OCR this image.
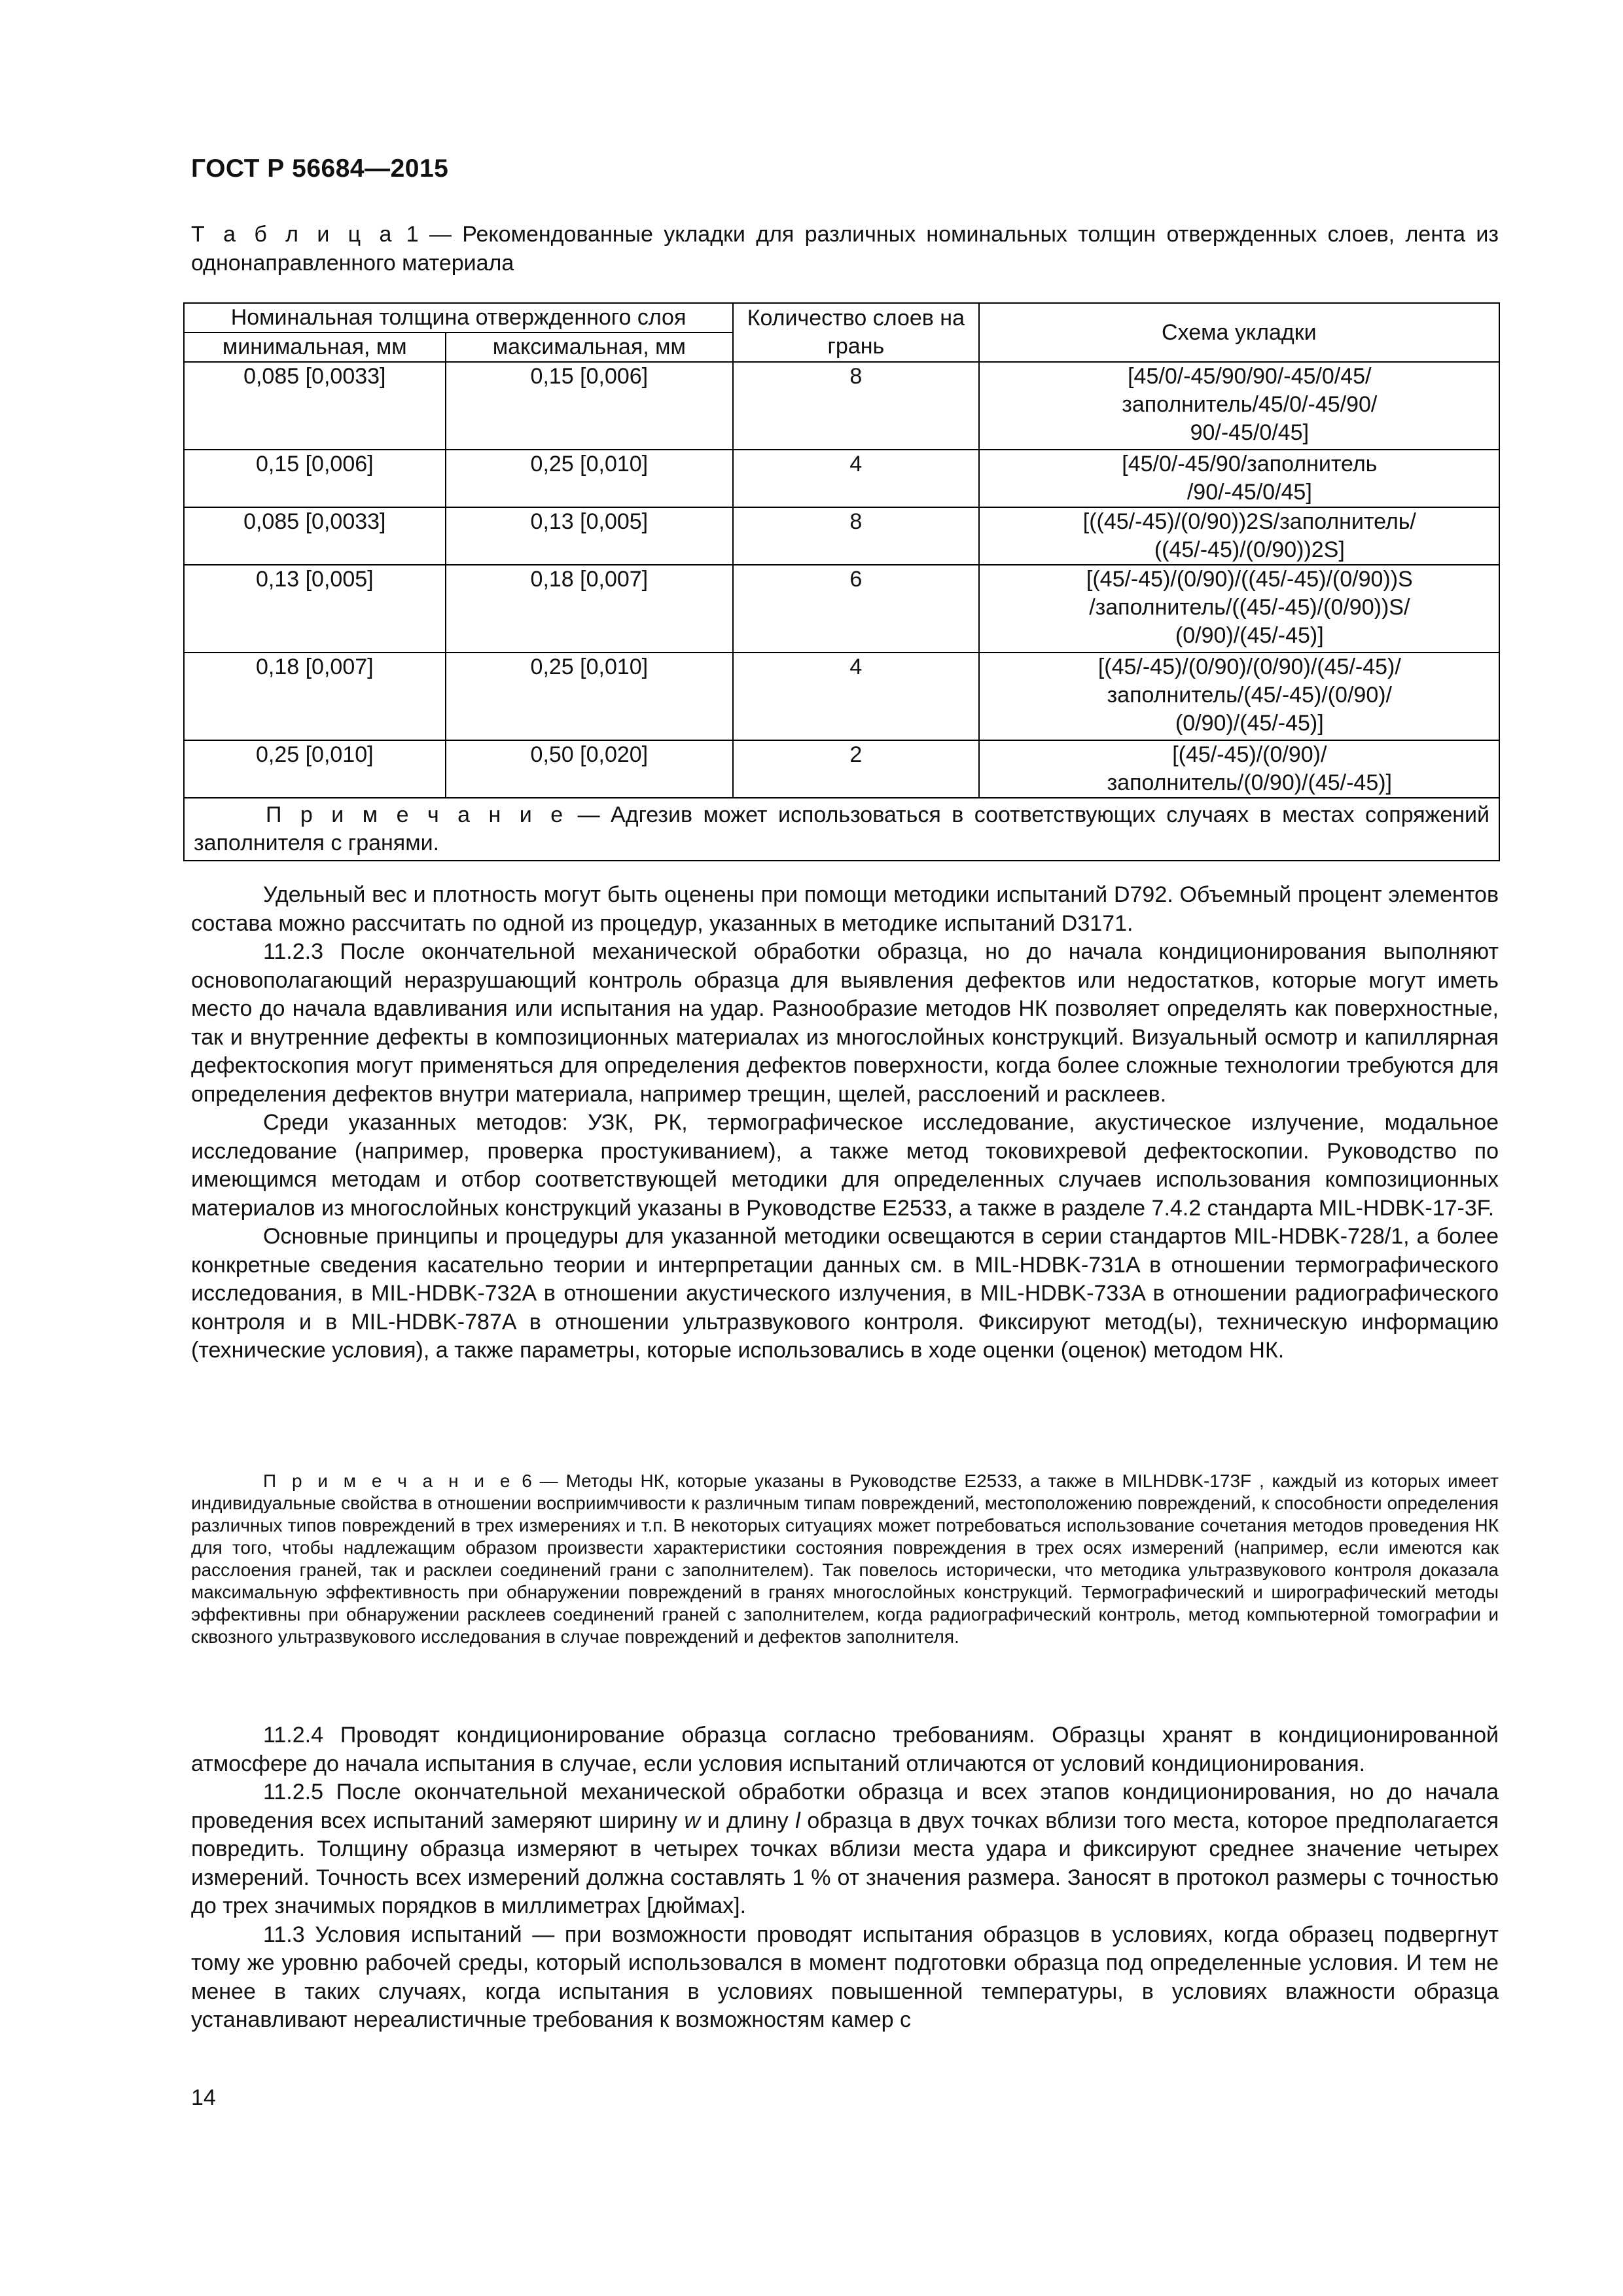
ГОСТ Р 56684—2015
Т а б л и ц а 1 — Рекомендованные укладки для различных номинальных толщин отвержденных слоев, лента из однонаправленного материала
Номинальная толщина отвержденного слоя		Количество слоев на грань	Схема укладки
минимальная, мм	максимальная, мм		
0,085 [0,0033]	0,15 [0,006]	8	[45/0/-45/90/90/-45/0/45/
заполнитель/45/0/-45/90/
90/-45/0/45]

0,15 [0,006]	0,25 [0,010]	4	[45/0/-45/90/заполнитель
/90/-45/0/45]

0,085 [0,0033]	0,13 [0,005]	8	[((45/-45)/(0/90))2S/заполнитель/
((45/-45)/(0/90))2S]

0,13 [0,005]	0,18 [0,007]	6	[(45/-45)/(0/90)/((45/-45)/(0/90))S
/заполнитель/((45/-45)/(0/90))S/
(0/90)/(45/-45)]

0,18 [0,007]	0,25 [0,010]	4	[(45/-45)/(0/90)/(0/90)/(45/-45)/
заполнитель/(45/-45)/(0/90)/
(0/90)/(45/-45)]

0,25 [0,010]	0,50 [0,020]	2	[(45/-45)/(0/90)/
заполнитель/(0/90)/(45/-45)]

П р и м е ч а н и е — Адгезив может использоваться в соответствующих случаях в местах сопряжений заполнителя с гранями.			

Удельный вес и плотность могут быть оценены при помощи методики испытаний D792. Объемный процент элементов состава можно рассчитать по одной из процедур, указанных в методике испытаний D3171.

11.2.3 После окончательной механической обработки образца, но до начала кондиционирования выполняют основополагающий неразрушающий контроль образца для выявления дефектов или недостатков, которые могут иметь место до начала вдавливания или испытания на удар. Разнообразие методов НК позволяет определять как поверхностные, так и внутренние дефекты в композиционных материалах из многослойных конструкций. Визуальный осмотр и капиллярная дефектоскопия могут применяться для определения дефектов поверхности, когда более сложные технологии требуются для определения дефектов внутри материала, например трещин, щелей, расслоений и расклеев.

Среди указанных методов: УЗК, РК, термографическое исследование, акустическое излучение, модальное исследование (например, проверка простукиванием), а также метод токовихревой дефектоскопии. Руководство по имеющимся методам и отбор соответствующей методики для определенных случаев использования композиционных материалов из многослойных конструкций указаны в Руководстве E2533, а также в разделе 7.4.2 стандарта MIL-HDBK-17-3F.

Основные принципы и процедуры для указанной методики освещаются в серии стандартов MIL-HDBK-728/1, а более конкретные сведения касательно теории и интерпретации данных см. в MIL-HDBK-731A в отношении термографического исследования, в MIL-HDBK-732A в отношении акустического излучения, в MIL-HDBK-733A в отношении радиографического контроля и в MIL-HDBK-787A в отношении ультразвукового контроля. Фиксируют метод(ы), техническую информацию (технические условия), а также параметры, которые использовались в ходе оценки (оценок) методом НК.

П р и м е ч а н и е 6 — Методы НК, которые указаны в Руководстве E2533, а также в MILHDBK-173F , каждый из которых имеет индивидуальные свойства в отношении восприимчивости к различным типам повреждений, местоположению повреждений, к способности определения различных типов повреждений в трех измерениях и т.п. В некоторых ситуациях может потребоваться использование сочетания методов проведения НК для того, чтобы надлежащим образом произвести характеристики состояния повреждения в трех осях измерений (например, если имеются как расслоения граней, так и расклеи соединений грани с заполнителем). Так повелось исторически, что методика ультразвукового контроля доказала максимальную эффективность при обнаружении повреждений в гранях многослойных конструкций. Термографический и ширографический методы эффективны при обнаружении расклеев соединений граней с заполнителем, когда радиографический контроль, метод компьютерной томографии и сквозного ультразвукового исследования в случае повреждений и дефектов заполнителя.

11.2.4 Проводят кондиционирование образца согласно требованиям. Образцы хранят в кондиционированной атмосфере до начала испытания в случае, если условия испытаний отличаются от условий кондиционирования.

11.2.5 После окончательной механической обработки образца и всех этапов кондиционирования, но до начала проведения всех испытаний замеряют ширину w и длину l образца в двух точках вблизи того места, которое предполагается повредить. Толщину образца измеряют в четырех точках вблизи места удара и фиксируют среднее значение четырех измерений. Точность всех измерений должна составлять 1 % от значения размера. Заносят в протокол размеры с точностью до трех значимых порядков в миллиметрах [дюймах].

11.3 Условия испытаний — при возможности проводят испытания образцов в условиях, когда образец подвергнут тому же уровню рабочей среды, который использовался в момент подготовки образца под определенные условия. И тем не менее в таких случаях, когда испытания в условиях повышенной температуры, в условиях влажности образца устанавливают нереалистичные требования к возможностям камер с

14
